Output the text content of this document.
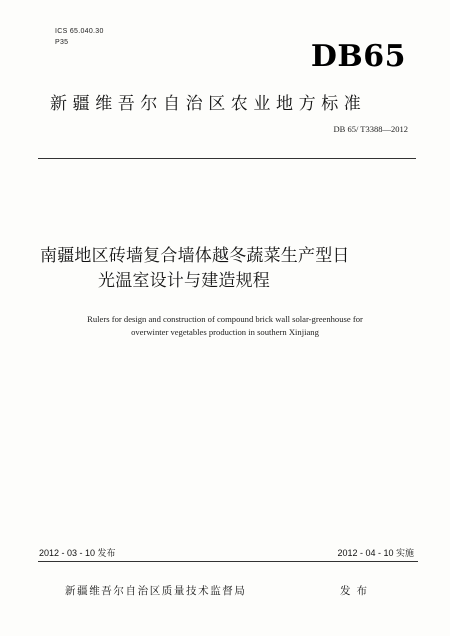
ICS 65.040.30
P35	DB65
新疆维吾尔自治区农业地方标准
DB 65/ T3388—2012
南疆地区砖墙复合墙体越冬蔬菜生产型日
光温室设计与建造规程
Rulers for design and construction of compound brick wall solar-greenhouse for
overwinter vegetables production in southern Xinjiang
2012 - 03 - 10 发布	2012 - 04 - 10 实施
新疆维吾尔自治区质量技术监督局	发布
